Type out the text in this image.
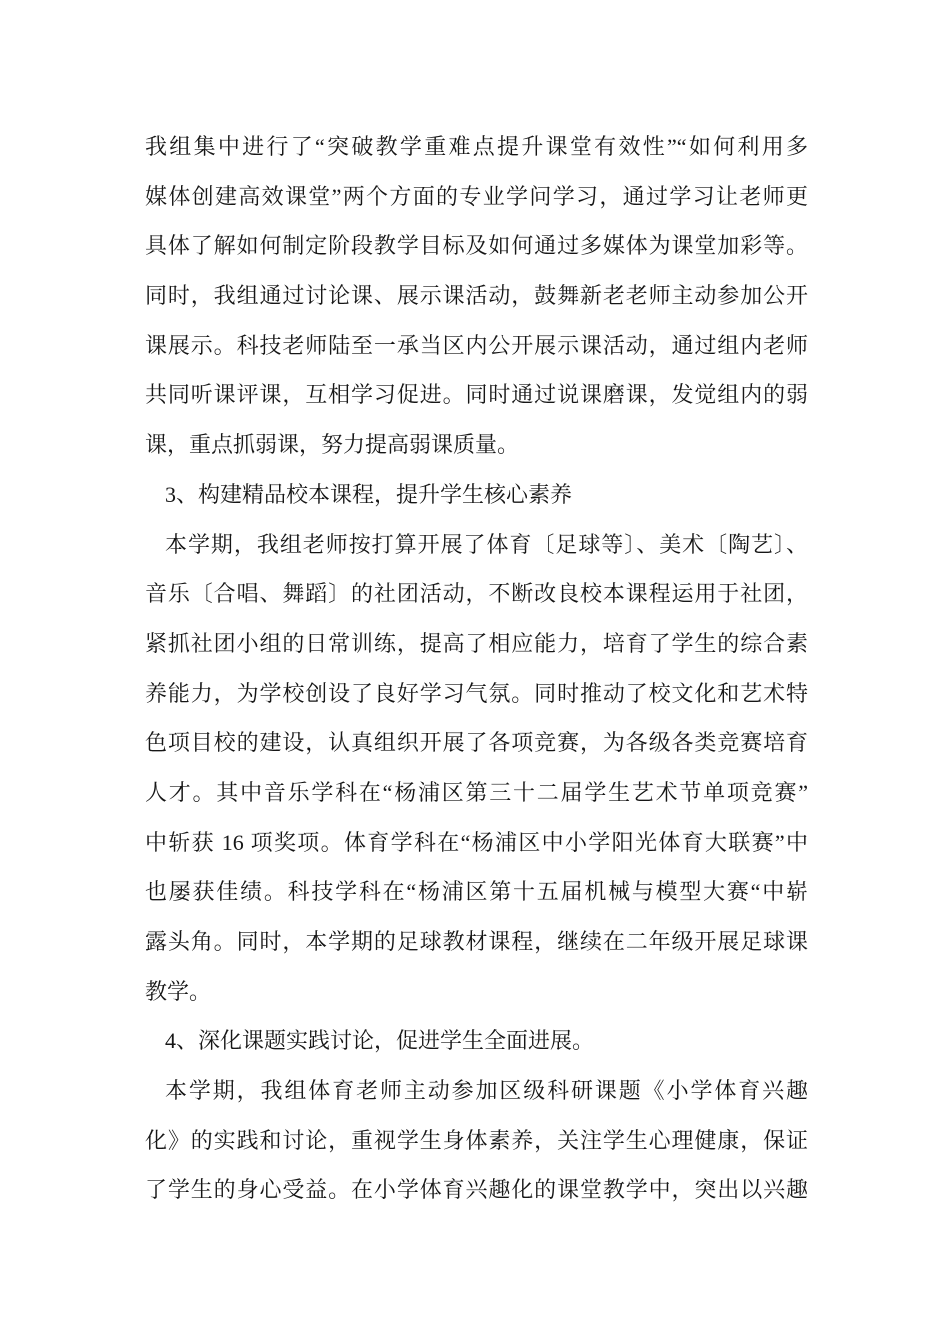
我组集中进行了“突破教学重难点提升课堂有效性”“如何利用多
媒体创建高效课堂”两个方面的专业学问学习，通过学习让老师更
具体了解如何制定阶段教学目标及如何通过多媒体为课堂加彩等。
同时，我组通过讨论课、展示课活动，鼓舞新老老师主动参加公开
课展示。科技老师陆至一承当区内公开展示课活动，通过组内老师
共同听课评课，互相学习促进。同时通过说课磨课，发觉组内的弱
课，重点抓弱课，努力提高弱课质量。
3、构建精品校本课程，提升学生核心素养
本学期，我组老师按打算开展了体育〔足球等〕、美术〔陶艺〕、
音乐〔合唱、舞蹈〕的社团活动，不断改良校本课程运用于社团，
紧抓社团小组的日常训练，提高了相应能力，培育了学生的综合素
养能力，为学校创设了良好学习气氛。同时推动了校文化和艺术特
色项目校的建设，认真组织开展了各项竞赛，为各级各类竞赛培育
人才。其中音乐学科在“杨浦区第三十二届学生艺术节单项竞赛”
中斩获 16 项奖项。体育学科在“杨浦区中小学阳光体育大联赛”中
也屡获佳绩。科技学科在“杨浦区第十五届机械与模型大赛“中崭
露头角。同时，本学期的足球教材课程，继续在二年级开展足球课
教学。
4、深化课题实践讨论，促进学生全面进展。
本学期，我组体育老师主动参加区级科研课题《小学体育兴趣
化》的实践和讨论，重视学生身体素养，关注学生心理健康，保证
了学生的身心受益。在小学体育兴趣化的课堂教学中，突出以兴趣
